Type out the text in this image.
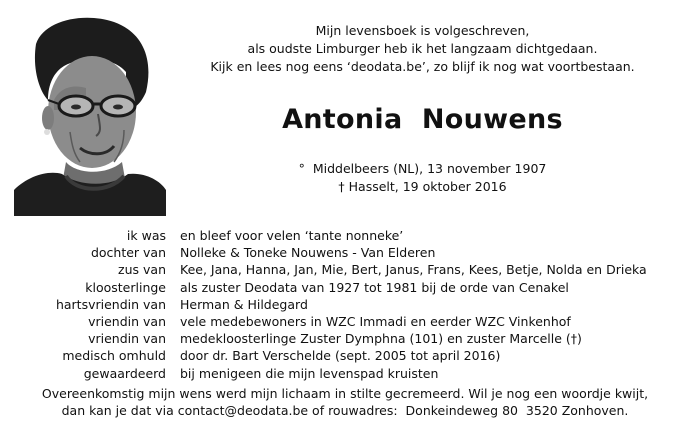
Mijn levensboek is volgeschreven,
als oudste Limburger heb ik het langzaam dichtgedaan.
Kijk en lees nog eens ‘deodata.be’, zo blijf ik nog wat voortbestaan.
Antonia  Nouwens
°  Middelbeers (NL), 13 november 1907
† Hasselt, 19 oktober 2016
ik was en bleef voor velen ‘tante nonneke’
dochter van Nolleke & Toneke Nouwens - Van Elderen
zus van Kee, Jana, Hanna, Jan, Mie, Bert, Janus, Frans, Kees, Betje, Nolda en Drieka
kloosterlinge als zuster Deodata van 1927 tot 1981 bij de orde van Cenakel
hartsvriendin van Herman & Hildegard
vriendin van vele medebewoners in WZC Immadi en eerder WZC Vinkenhof
vriendin van medekloosterlinge Zuster Dymphna (101) en zuster Marcelle (†)
medisch omhuld door dr. Bart Verschelde (sept. 2005 tot april 2016)
gewaardeerd bij menigeen die mijn levenspad kruisten
Overeenkomstig mijn wens werd mijn lichaam in stilte gecremeerd. Wil je nog een woordje kwijt,
dan kan je dat via contact@deodata.be of rouwadres:  Donkeindeweg 80  3520 Zonhoven.
